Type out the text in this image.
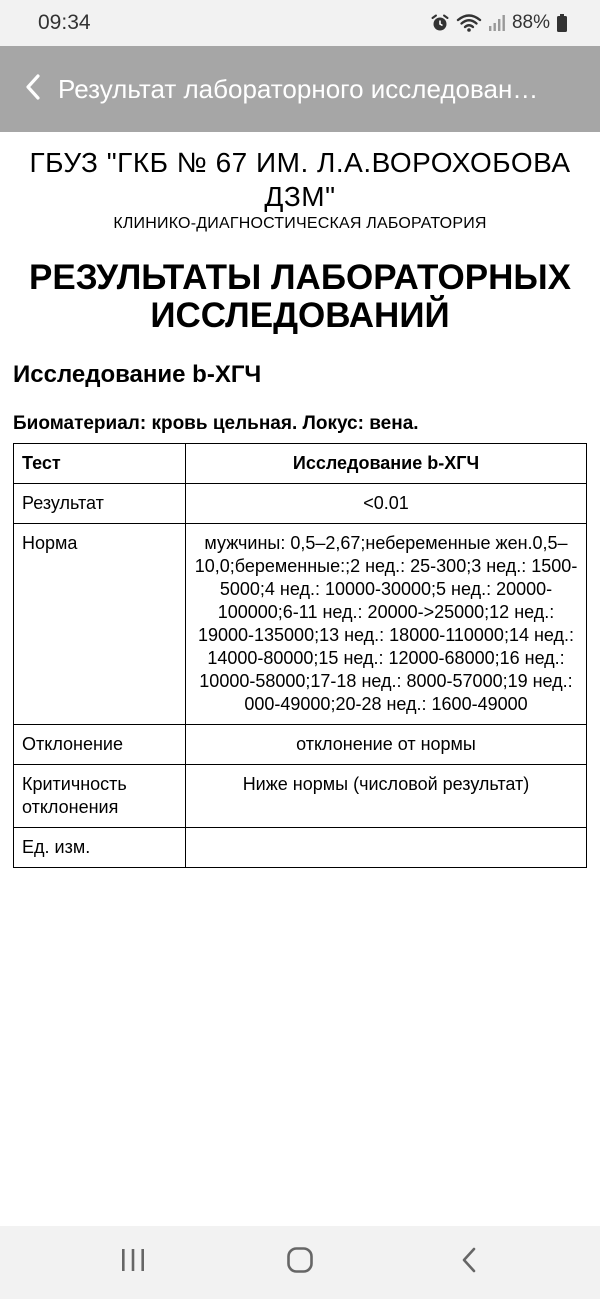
09:34	88%
Результат лабораторного исследован…
ГБУЗ "ГКБ № 67 ИМ. Л.А.ВОРОХОБОВА ДЗМ"
КЛИНИКО-ДИАГНОСТИЧЕСКАЯ ЛАБОРАТОРИЯ
РЕЗУЛЬТАТЫ ЛАБОРАТОРНЫХ ИССЛЕДОВАНИЙ
Исследование b-ХГЧ
Биоматериал: кровь цельная. Локус: вена.
Тест	Исследование b-ХГЧ
Результат	<0.01
Норма	мужчины: 0,5–2,67;небеременные жен.0,5–10,0;беременные:;2 нед.: 25-300;3 нед.: 1500-5000;4 нед.: 10000-30000;5 нед.: 20000-100000;6-11 нед.: 20000->25000;12 нед.: 19000-135000;13 нед.: 18000-110000;14 нед.: 14000-80000;15 нед.: 12000-68000;16 нед.: 10000-58000;17-18 нед.: 8000-57000;19 нед.: 000-49000;20-28 нед.: 1600-49000
Отклонение	отклонение от нормы
Критичность отклонения	Ниже нормы (числовой результат)
Ед. изм.	
